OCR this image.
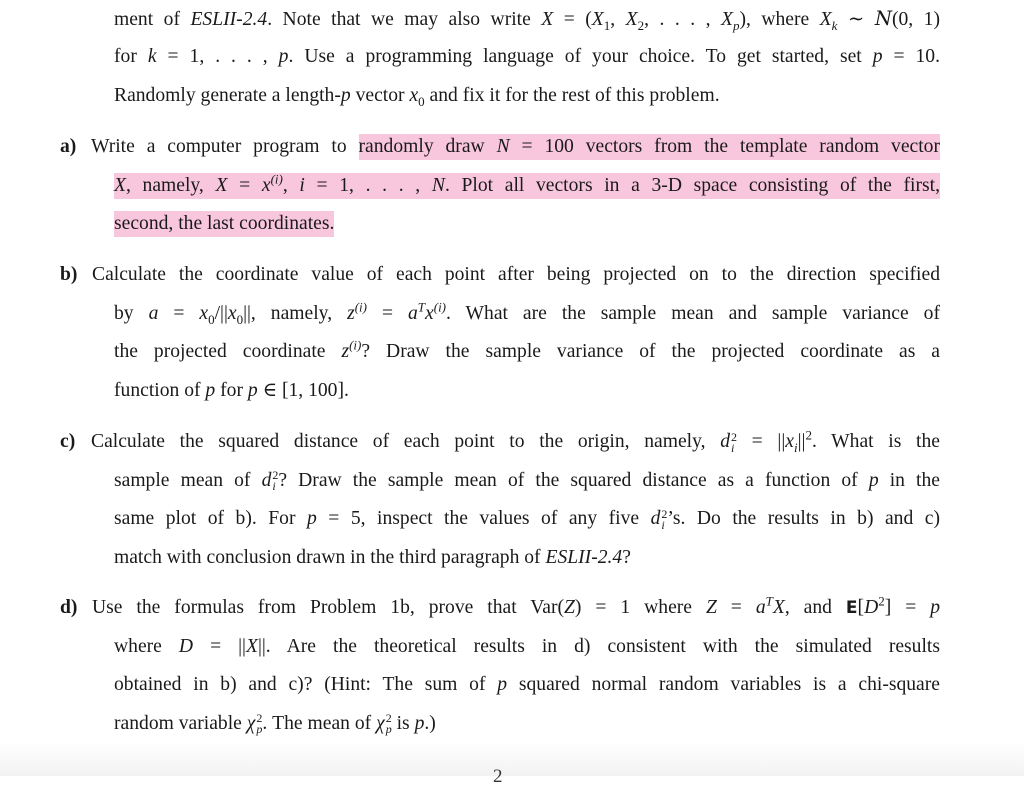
ment of ESLII-2.4. Note that we may also write $X = (X_1$, $X_2$, . . . , $X_p$), where $X_k$ ∼ N(0, 1)
for k = 1, . . . , p. Use a programming language of your choice. To get started, set p = 10.
Randomly generate a length-p vector $x_0$ and fix it for the rest of this problem.
a) Write a computer program to randomly draw N = 100 vectors from the template random vector
X, namely, $X = x^{(i)}$, i = 1, . . . , N. Plot all vectors in a 3-D space consisting of the first,
second, the last coordinates.
b) Calculate the coordinate value of each point after being projected on to the direction specified
by $a = x_0/||x_0||$, namely, $z^{(i)} = a^Tx^{(i)}$. What are the sample mean and sample variance of
the projected coordinate $z^{(i)}$? Draw the sample variance of the projected coordinate as a
function of p for p ∈ [1, 100].
c) Calculate the squared distance of each point to the origin, namely, d 2
$i = ||x_i||^2$. What is the
sample mean of d 2
i ? Draw the sample mean of the squared distance as a function of p in the
same plot of b). For p = 5, inspect the values of any five d 2
i ’s. Do the results in b) and c)
match with conclusion drawn in the third paragraph of ESLII-2.4?
d) Use the formulas from Problem 1b, prove that Var(Z) = 1 where $Z = a^TX$, and $E[D^2] = p$
where D = ||X||. Are the theoretical results in d) consistent with the simulated results
obtained in b) and c)? (Hint: The sum of p squared normal random variables is a chi-square
random variable χ 2
p . The mean of χ 2
p is p.)
2
